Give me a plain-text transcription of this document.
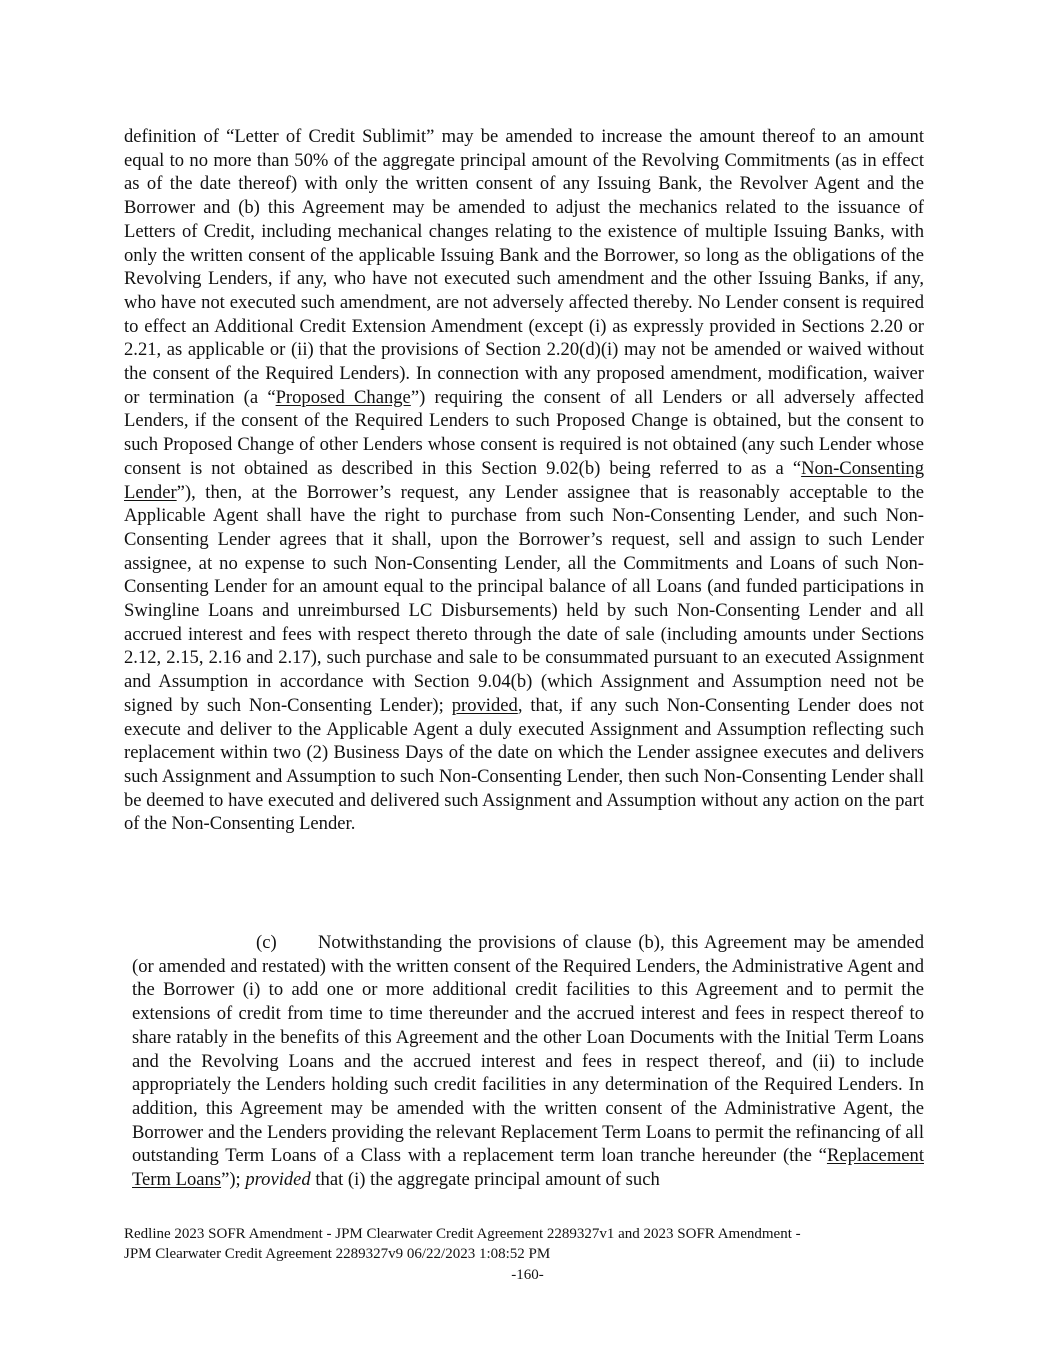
definition of “Letter of Credit Sublimit” may be amended to increase the amount thereof to an amount equal to no more than 50% of the aggregate principal amount of the Revolving Commitments (as in effect as of the date thereof) with only the written consent of any Issuing Bank, the Revolver Agent and the Borrower and (b) this Agreement may be amended to adjust the mechanics related to the issuance of Letters of Credit, including mechanical changes relating to the existence of multiple Issuing Banks, with only the written consent of the applicable Issuing Bank and the Borrower, so long as the obligations of the Revolving Lenders, if any, who have not executed such amendment and the other Issuing Banks, if any, who have not executed such amendment, are not adversely affected thereby. No Lender consent is required to effect an Additional Credit Extension Amendment (except (i) as expressly provided in Sections 2.20 or 2.21, as applicable or (ii) that the provisions of Section 2.20(d)(i) may not be amended or waived without the consent of the Required Lenders). In connection with any proposed amendment, modification, waiver or termination (a “Proposed Change”) requiring the consent of all Lenders or all adversely affected Lenders, if the consent of the Required Lenders to such Proposed Change is obtained, but the consent to such Proposed Change of other Lenders whose consent is required is not obtained (any such Lender whose consent is not obtained as described in this Section 9.02(b) being referred to as a “Non-Consenting Lender”), then, at the Borrower’s request, any Lender assignee that is reasonably acceptable to the Applicable Agent shall have the right to purchase from such Non-Consenting Lender, and such Non-Consenting Lender agrees that it shall, upon the Borrower’s request, sell and assign to such Lender assignee, at no expense to such Non-Consenting Lender, all the Commitments and Loans of such Non-Consenting Lender for an amount equal to the principal balance of all Loans (and funded participations in Swingline Loans and unreimbursed LC Disbursements) held by such Non-Consenting Lender and all accrued interest and fees with respect thereto through the date of sale (including amounts under Sections 2.12, 2.15, 2.16 and 2.17), such purchase and sale to be consummated pursuant to an executed Assignment and Assumption in accordance with Section 9.04(b) (which Assignment and Assumption need not be signed by such Non-Consenting Lender); provided, that, if any such Non-Consenting Lender does not execute and deliver to the Applicable Agent a duly executed Assignment and Assumption reflecting such replacement within two (2) Business Days of the date on which the Lender assignee executes and delivers such Assignment and Assumption to such Non-Consenting Lender, then such Non-Consenting Lender shall be deemed to have executed and delivered such Assignment and Assumption without any action on the part of the Non-Consenting Lender.

(c) Notwithstanding the provisions of clause (b), this Agreement may be amended (or amended and restated) with the written consent of the Required Lenders, the Administrative Agent and the Borrower (i) to add one or more additional credit facilities to this Agreement and to permit the extensions of credit from time to time thereunder and the accrued interest and fees in respect thereof to share ratably in the benefits of this Agreement and the other Loan Documents with the Initial Term Loans and the Revolving Loans and the accrued interest and fees in respect thereof, and (ii) to include appropriately the Lenders holding such credit facilities in any determination of the Required Lenders. In addition, this Agreement may be amended with the written consent of the Administrative Agent, the Borrower and the Lenders providing the relevant Replacement Term Loans to permit the refinancing of all outstanding Term Loans of a Class with a replacement term loan tranche hereunder (the “Replacement Term Loans”); provided that (i) the aggregate principal amount of such

Redline 2023 SOFR Amendment - JPM Clearwater Credit Agreement 2289327v1 and 2023 SOFR Amendment -
JPM Clearwater Credit Agreement 2289327v9 06/22/2023 1:08:52 PM
-160-
